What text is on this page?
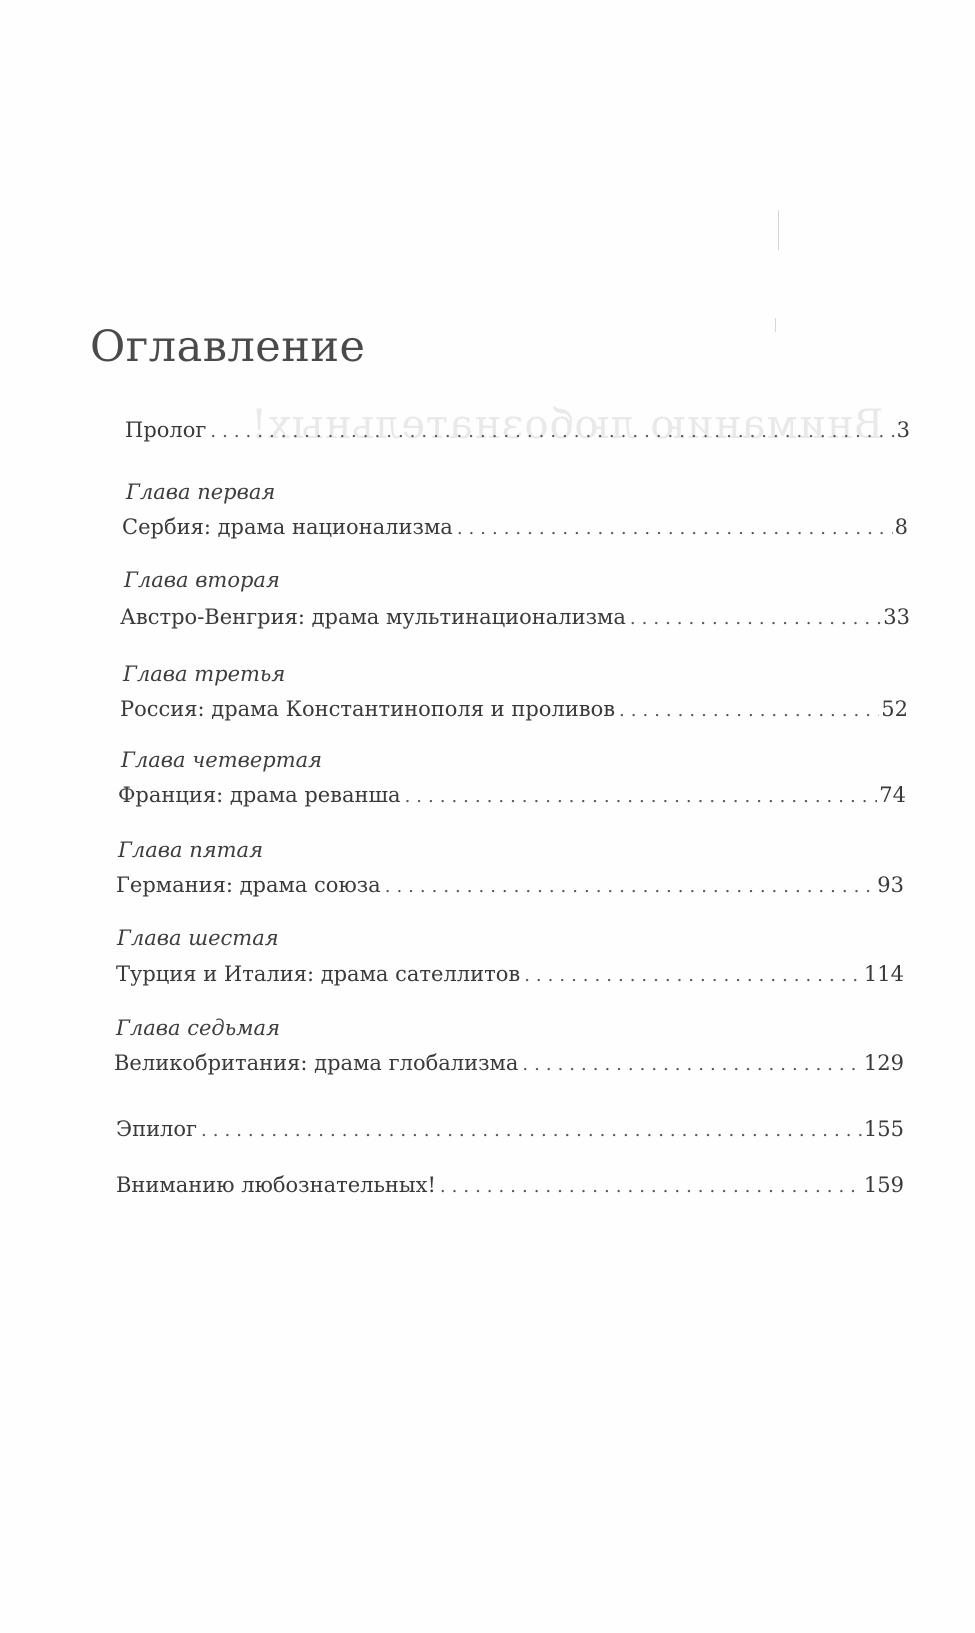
Вниманию любознательных!
Оглавление
Пролог .....	3
Глава первая
Сербия: драма национализма .....	8
Глава вторая
Австро-Венгрия: драма мультинационализма .....	33
Глава третья
Россия: драма Константинополя и проливов .....	52
Глава четвертая
Франция: драма реванша .....	74
Глава пятая
Германия: драма союза .....	93
Глава шестая
Турция и Италия: драма сателлитов .....	114
Глава седьмая
Великобритания: драма глобализма .....	129
Эпилог .....	155
Вниманию любознательных! .....	159
